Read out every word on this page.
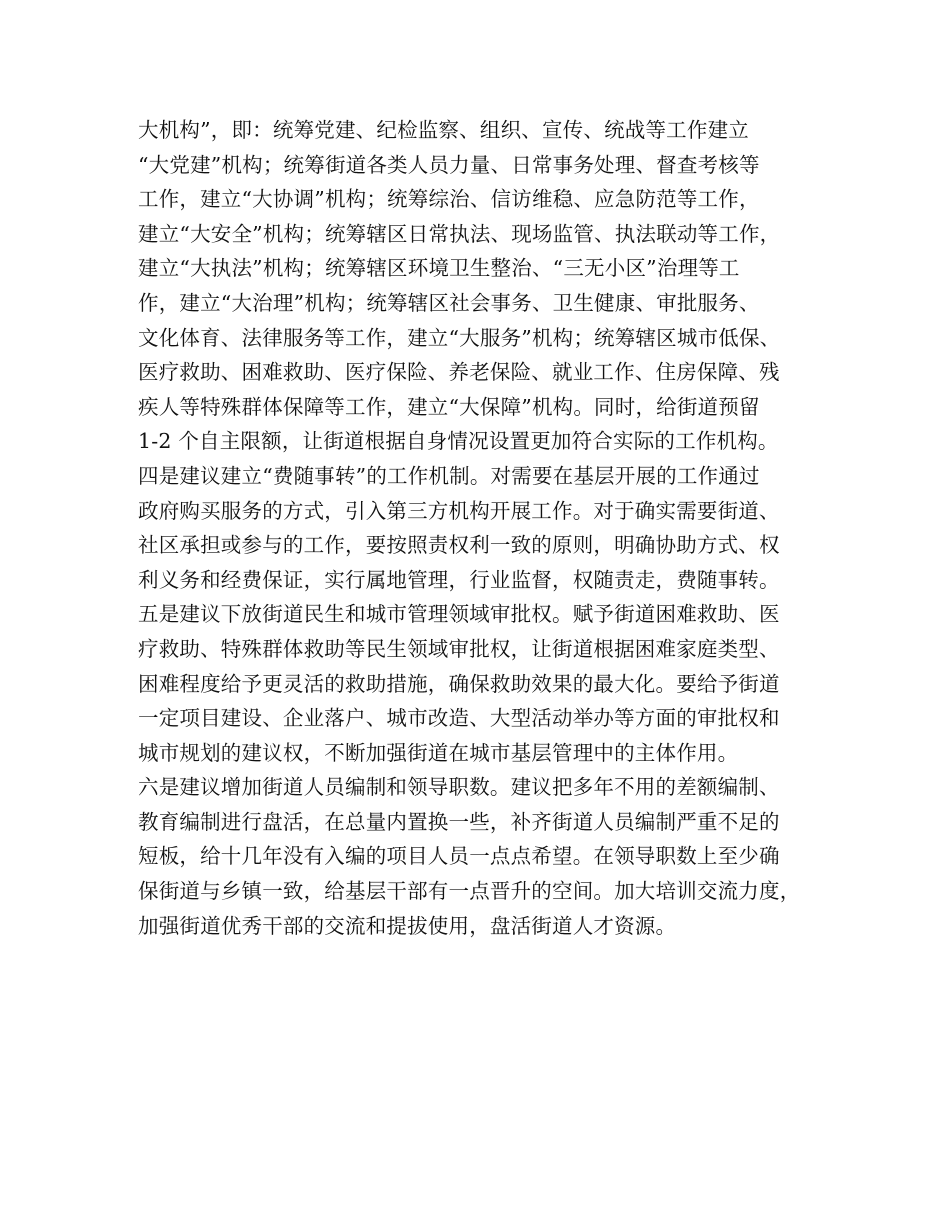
大机构”，即：统筹党建、纪检监察、组织、宣传、统战等工作建立
“大党建”机构；统筹街道各类人员力量、日常事务处理、督查考核等
工作，建立“大协调”机构；统筹综治、信访维稳、应急防范等工作，
建立“大安全”机构；统筹辖区日常执法、现场监管、执法联动等工作，
建立“大执法”机构；统筹辖区环境卫生整治、“三无小区”治理等工
作，建立“大治理”机构；统筹辖区社会事务、卫生健康、审批服务、
文化体育、法律服务等工作，建立“大服务”机构；统筹辖区城市低保、
医疗救助、困难救助、医疗保险、养老保险、就业工作、住房保障、残
疾人等特殊群体保障等工作，建立“大保障”机构。同时，给街道预留
1-2 个自主限额，让街道根据自身情况设置更加符合实际的工作机构。
四是建议建立“费随事转”的工作机制。对需要在基层开展的工作通过
政府购买服务的方式，引入第三方机构开展工作。对于确实需要街道、
社区承担或参与的工作，要按照责权利一致的原则，明确协助方式、权
利义务和经费保证，实行属地管理，行业监督，权随责走，费随事转。
五是建议下放街道民生和城市管理领域审批权。赋予街道困难救助、医
疗救助、特殊群体救助等民生领域审批权，让街道根据困难家庭类型、
困难程度给予更灵活的救助措施，确保救助效果的最大化。要给予街道
一定项目建设、企业落户、城市改造、大型活动举办等方面的审批权和
城市规划的建议权，不断加强街道在城市基层管理中的主体作用。
六是建议增加街道人员编制和领导职数。建议把多年不用的差额编制、
教育编制进行盘活，在总量内置换一些，补齐街道人员编制严重不足的
短板，给十几年没有入编的项目人员一点点希望。在领导职数上至少确
保街道与乡镇一致，给基层干部有一点晋升的空间。加大培训交流力度，
加强街道优秀干部的交流和提拔使用，盘活街道人才资源。
